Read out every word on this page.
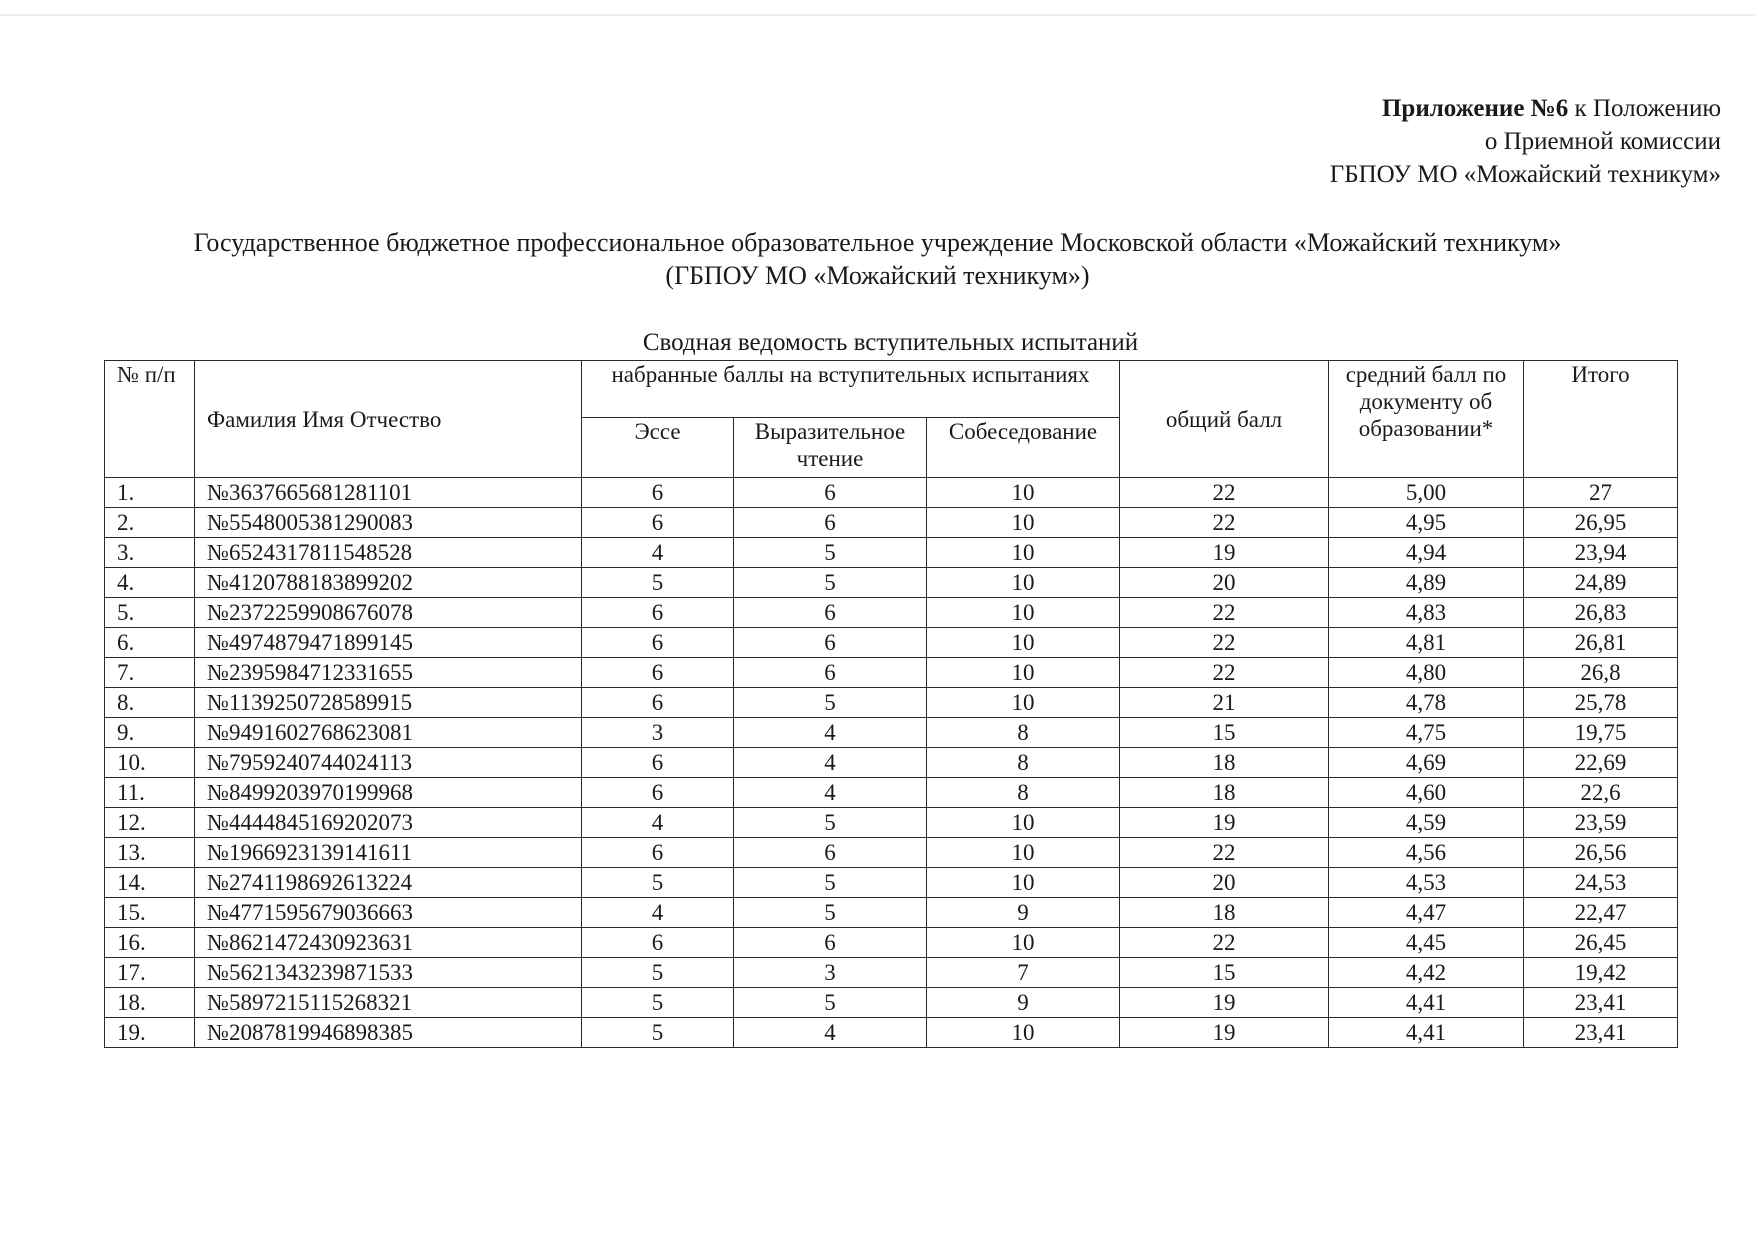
Приложение №6 к Положению
о Приемной комиссии
ГБПОУ МО «Можайский техникум»
Государственное бюджетное профессиональное образовательное учреждение Московской области «Можайский техникум»
(ГБПОУ МО «Можайский техникум»)
Сводная ведомость вступительных испытаний
№ п/п	Фамилия Имя Отчество	набранные баллы на вступительных испытаниях			общий балл	средний балл по документу об образовании*	Итого
		Эссе	Выразительное чтение	Собеседование			
1.	№3637665681281101	6	6	10	22	5,00	27
2.	№5548005381290083	6	6	10	22	4,95	26,95
3.	№6524317811548528	4	5	10	19	4,94	23,94
4.	№4120788183899202	5	5	10	20	4,89	24,89
5.	№2372259908676078	6	6	10	22	4,83	26,83
6.	№4974879471899145	6	6	10	22	4,81	26,81
7.	№2395984712331655	6	6	10	22	4,80	26,8
8.	№1139250728589915	6	5	10	21	4,78	25,78
9.	№9491602768623081	3	4	8	15	4,75	19,75
10.	№7959240744024113	6	4	8	18	4,69	22,69
11.	№8499203970199968	6	4	8	18	4,60	22,6
12.	№4444845169202073	4	5	10	19	4,59	23,59
13.	№1966923139141611	6	6	10	22	4,56	26,56
14.	№2741198692613224	5	5	10	20	4,53	24,53
15.	№4771595679036663	4	5	9	18	4,47	22,47
16.	№8621472430923631	6	6	10	22	4,45	26,45
17.	№5621343239871533	5	3	7	15	4,42	19,42
18.	№5897215115268321	5	5	9	19	4,41	23,41
19.	№2087819946898385	5	4	10	19	4,41	23,41
